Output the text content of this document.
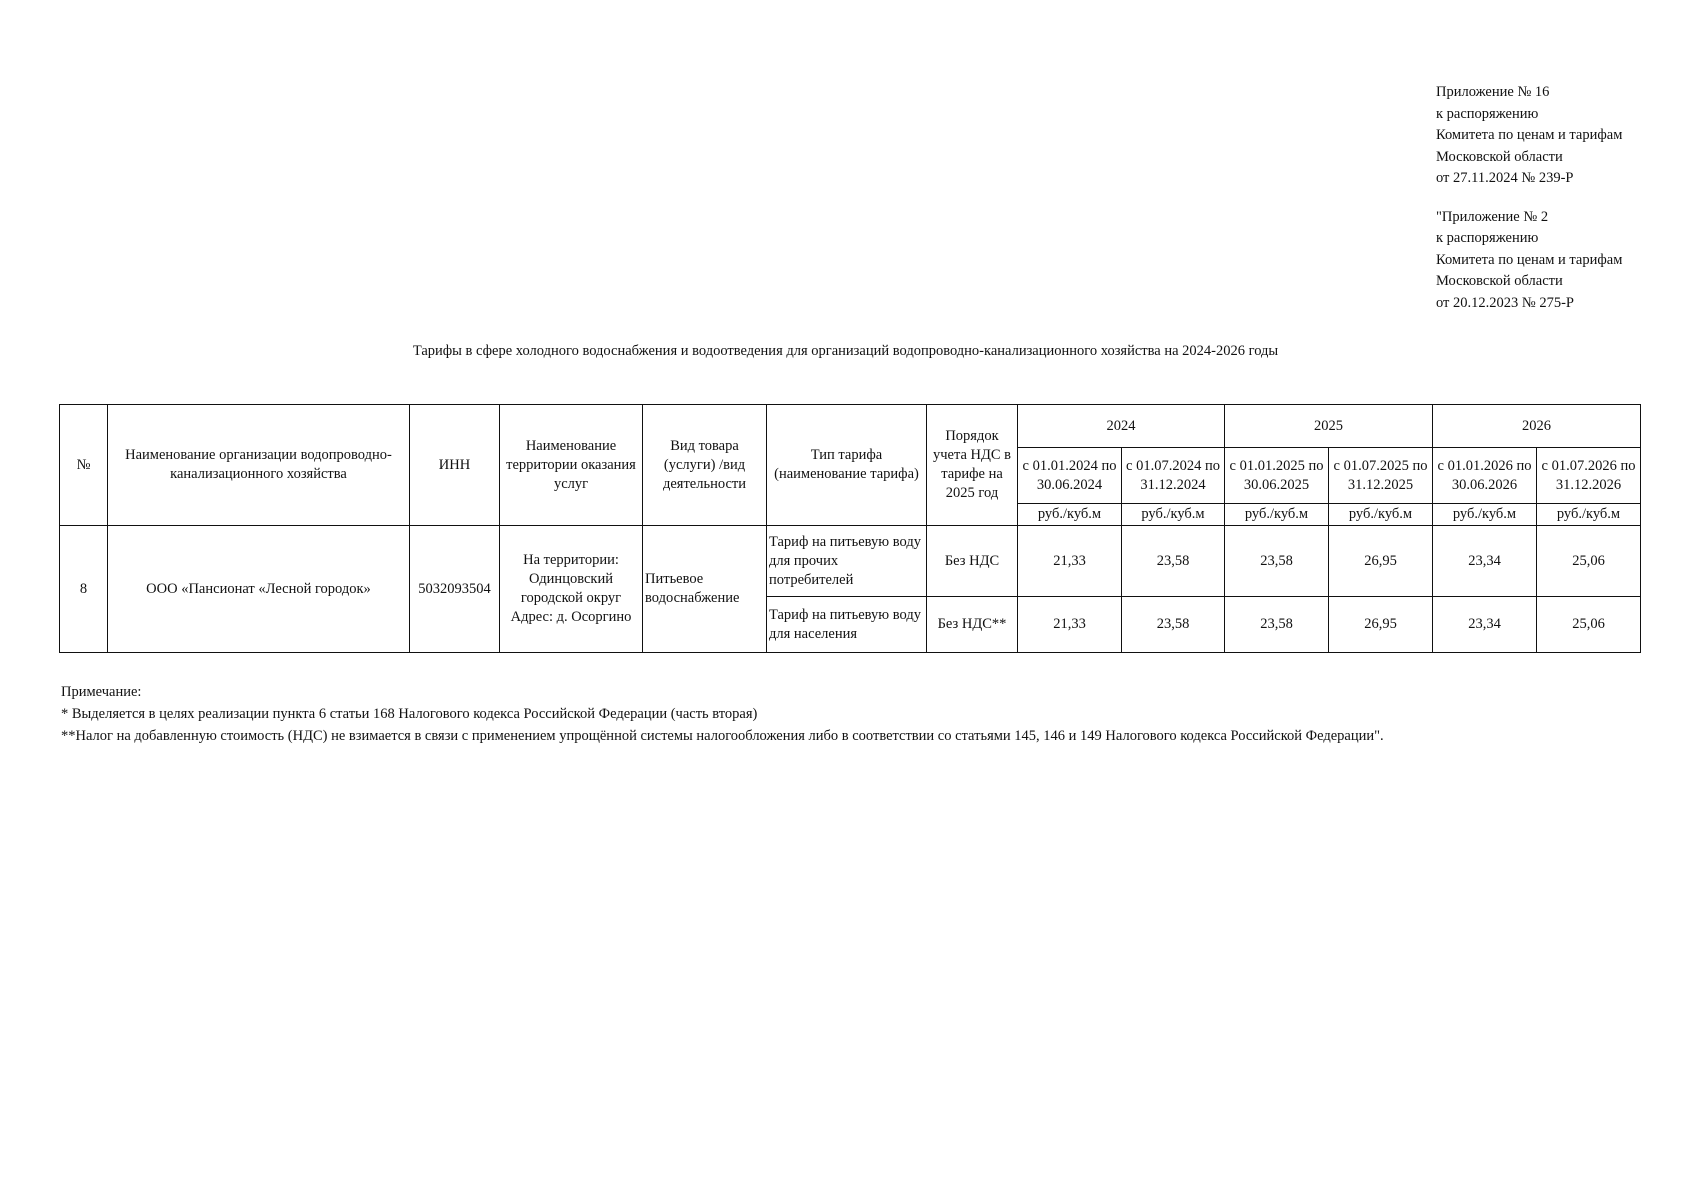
Приложение № 16
к распоряжению
Комитета по ценам и тарифам
Московской области
от 27.11.2024 № 239-Р
"Приложение № 2
к распоряжению
Комитета по ценам и тарифам
Московской области
от 20.12.2023 № 275-Р
Тарифы в сфере холодного водоснабжения и водоотведения для организаций водопроводно-канализационного хозяйства на 2024-2026 годы
№	Наименование организации водопроводно-канализационного хозяйства	ИНН	Наименование территории оказания услуг	Вид товара (услуги) /вид деятельности	Тип тарифа (наименование тарифа)	Порядок учета НДС в тарифе на 2025 год	2024		2025		2026	
							с 01.01.2024 по 30.06.2024	с 01.07.2024 по 31.12.2024	с 01.01.2025 по 30.06.2025	с 01.07.2025 по 31.12.2025	с 01.01.2026 по 30.06.2026	с 01.07.2026 по 31.12.2026
							руб./куб.м	руб./куб.м	руб./куб.м	руб./куб.м	руб./куб.м	руб./куб.м
8	ООО «Пансионат «Лесной городок»	5032093504	На территории: Одинцовский городской округ Адрес: д. Осоргино	Питьевое водоснабжение	Тариф на питьевую воду для прочих потребителей	Без НДС	21,33	23,58	23,58	26,95	23,34	25,06
					Тариф на питьевую воду для населения	Без НДС**	21,33	23,58	23,58	26,95	23,34	25,06
Примечание:
* Выделяется в целях реализации пункта 6 статьи 168 Налогового кодекса Российской Федерации (часть вторая)
**Налог на добавленную стоимость (НДС) не взимается в связи с применением упрощённой системы налогообложения либо в соответствии со статьями 145, 146 и 149 Налогового кодекса Российской Федерации".
